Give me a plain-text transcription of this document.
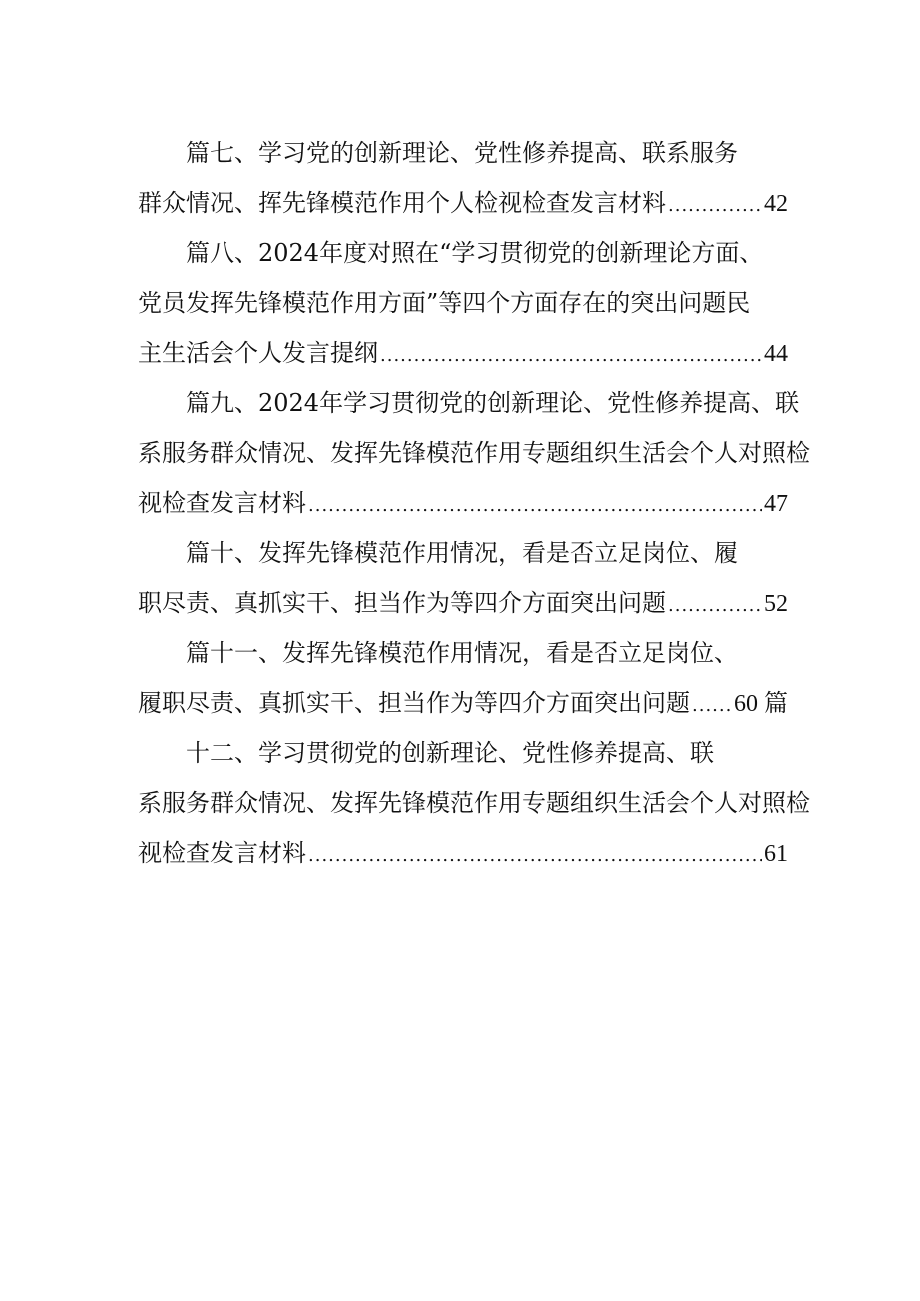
篇七、学习党的创新理论、党性修养提高、联系服务
群众情况、挥先锋模范作用个人检视检查发言材料 .....	42
篇八、2024年度对照在“学习贯彻党的创新理论方面、
党员发挥先锋模范作用方面”等四个方面存在的突出问题民
主生活会个人发言提纲 .....	44
篇九、2024年学习贯彻党的创新理论、党性修养提高、联
系服务群众情况、发挥先锋模范作用专题组织生活会个人对照检
视检查发言材料 .....	47
篇十、发挥先锋模范作用情况，看是否立足岗位、履
职尽责、真抓实干、担当作为等四介方面突出问题 .....	52
篇十一、发挥先锋模范作用情况，看是否立足岗位、
履职尽责、真抓实干、担当作为等四介方面突出问题 ..... 60 篇
十二、学习贯彻党的创新理论、党性修养提高、联
系服务群众情况、发挥先锋模范作用专题组织生活会个人对照检
视检查发言材料 .....	61
